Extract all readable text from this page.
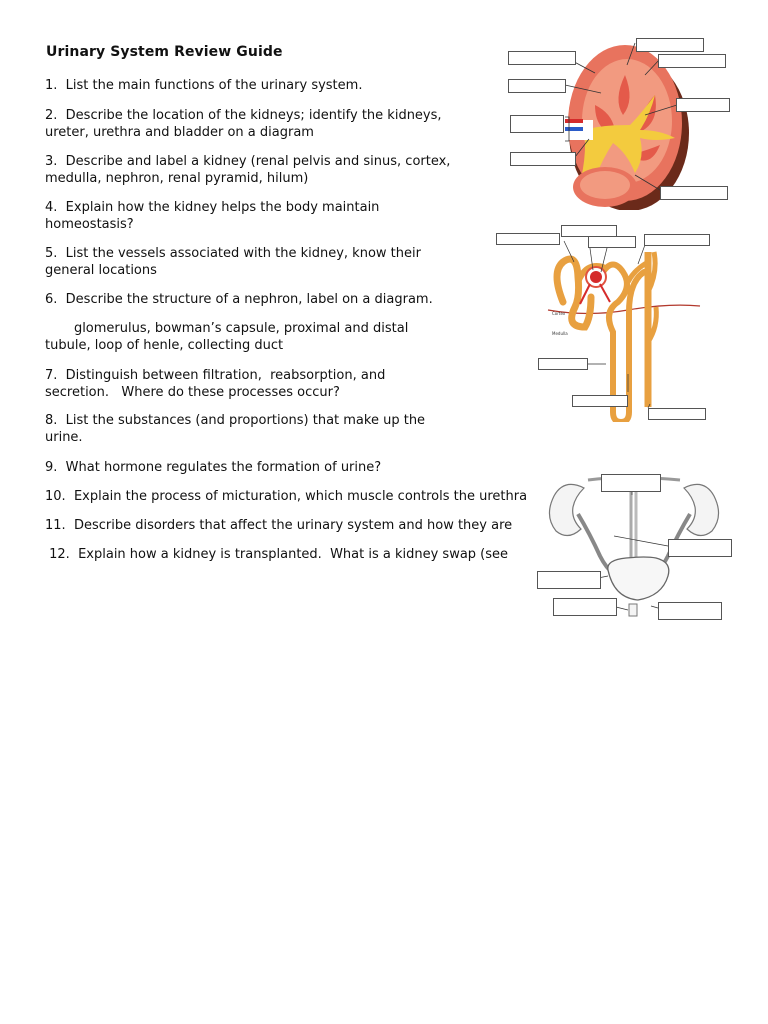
Urinary System Review Guide
1.  List the main functions of the urinary system.
2.  Describe the location of the kidneys; identify the kidneys,
ureter, urethra and bladder on a diagram
3.  Describe and label a kidney (renal pelvis and sinus, cortex,
medulla, nephron, renal pyramid, hilum)
4.  Explain how the kidney helps the body maintain
homeostasis?
5.  List the vessels associated with the kidney, know their
general locations
6.  Describe the structure of a nephron, label on a diagram.
glomerulus, bowman’s capsule, proximal and distal
tubule, loop of henle, collecting duct
7.  Distinguish between filtration,  reabsorption, and
secretion.   Where do these processes occur?
8.  List the substances (and proportions) that make up the
urine.
9.  What hormone regulates the formation of urine?
10.  Explain the process of micturation, which muscle controls the urethra
11.  Describe disorders that affect the urinary system and how they are
12.  Explain how a kidney is transplanted.  What is a kidney swap (see
Cortex
Medulla
